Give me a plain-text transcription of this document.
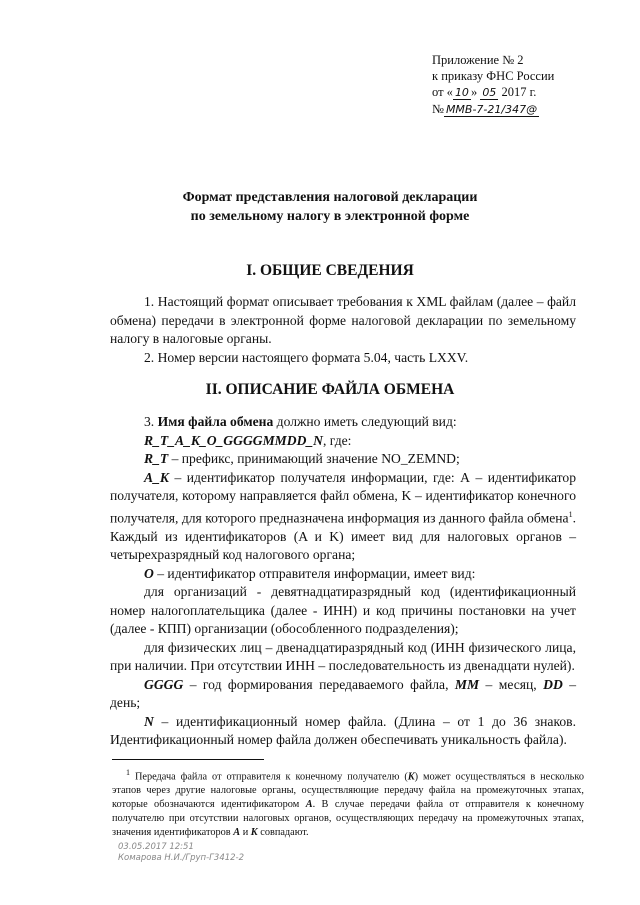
Приложение № 2
к приказу ФНС России
от « 10 » 05 2017 г.
№ ММВ-7-21/347@
Формат представления налоговой декларации
по земельному налогу в электронной форме
I. ОБЩИЕ СВЕДЕНИЯ

1. Настоящий формат описывает требования к XML файлам (далее – файл обмена) передачи в электронной форме налоговой декларации по земельному налогу в налоговые органы.

2. Номер версии настоящего формата 5.04, часть LXXV.

II. ОПИСАНИЕ ФАЙЛА ОБМЕНА

3. Имя файла обмена должно иметь следующий вид:

R_T_A_K_O_GGGGMMDD_N, где:

R_T – префикс, принимающий значение NO_ZEMND;

A_K – идентификатор получателя информации, где: А – идентификатор получателя, которому направляется файл обмена, K – идентификатор конечного получателя, для которого предназначена информация из данного файла обмена$^1$. Каждый из идентификаторов (A и K) имеет вид для налоговых органов – четырехразрядный код налогового органа;

O – идентификатор отправителя информации, имеет вид:

для организаций - девятнадцатиразрядный код (идентификационный номер налогоплательщика (далее - ИНН) и код причины постановки на учет (далее - КПП) организации (обособленного подразделения);

для физических лиц – двенадцатиразрядный код (ИНН физического лица, при наличии. При отсутствии ИНН – последовательность из двенадцати нулей).

GGGG – год формирования передаваемого файла, MM – месяц, DD – день;

N – идентификационный номер файла. (Длина – от 1 до 36 знаков. Идентификационный номер файла должен обеспечивать уникальность файла).

$^1$ Передача файла от отправителя к конечному получателю (K) может осуществляться в несколько этапов через другие налоговые органы, осуществляющие передачу файла на промежуточных этапах, которые обозначаются идентификатором A. В случае передачи файла от отправителя к конечному получателю при отсутствии налоговых органов, осуществляющих передачу на промежуточных этапах, значения идентификаторов A и K совпадают.

03.05.2017 12:51
Комарова Н.И./Груп-Г3412-2
